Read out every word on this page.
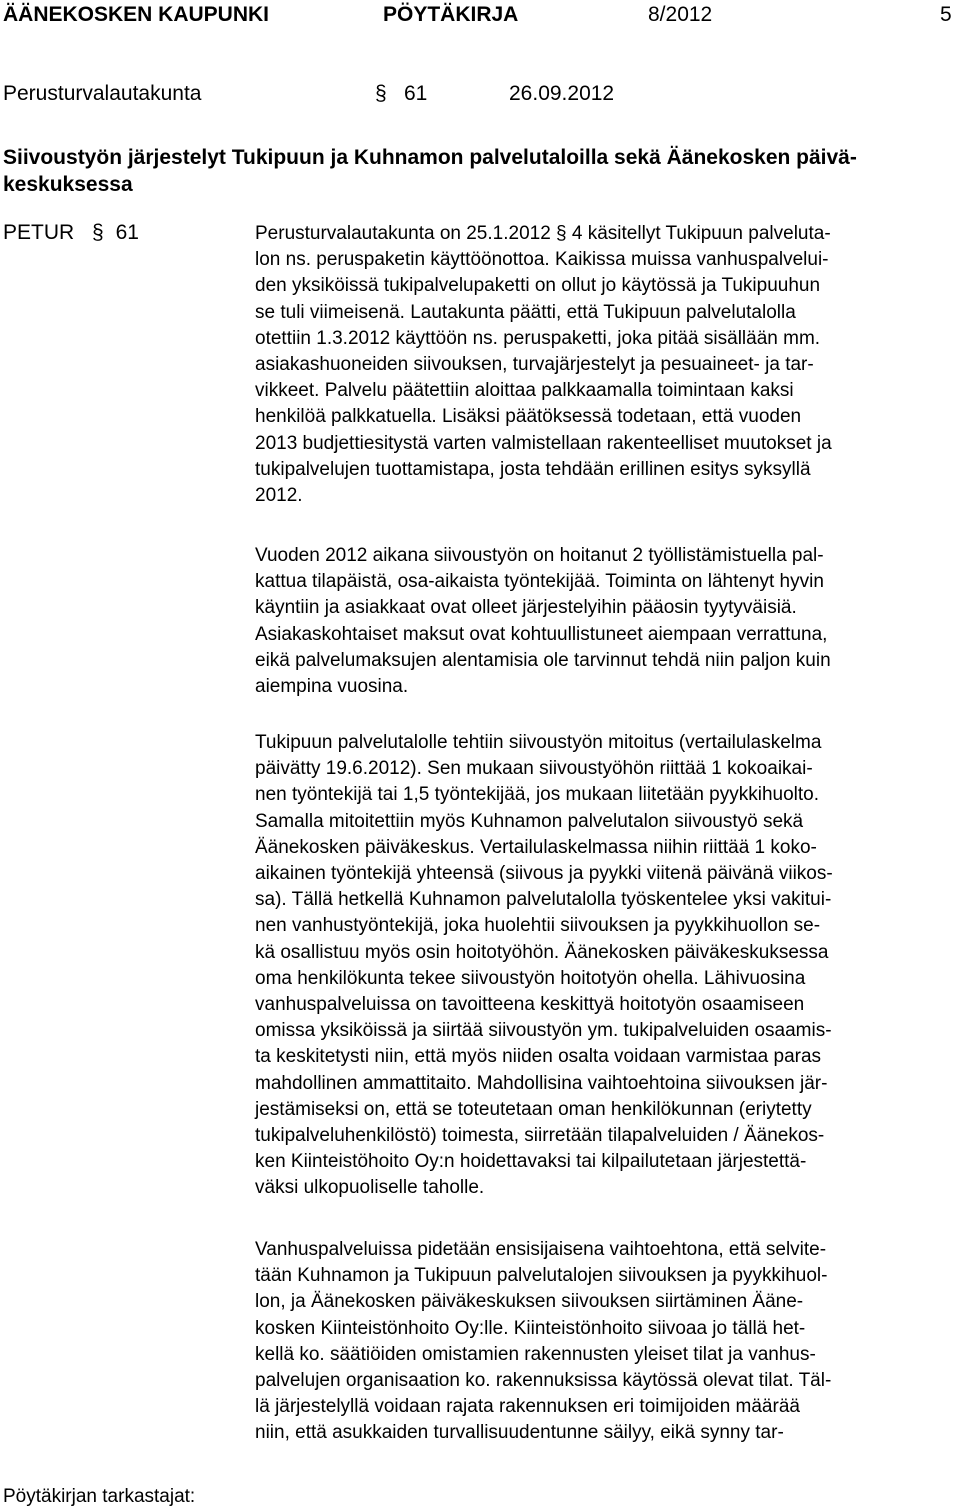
ÄÄNEKOSKEN KAUPUNKI	PÖYTÄKIRJA	8/2012	5
Perusturvalautakunta	§ 61	26.09.2012
Siivoustyön järjestelyt Tukipuun ja Kuhnamon palvelutaloilla sekä Äänekosken päivä-
keskuksessa
PETUR § 61	Perusturvalautakunta on 25.1.2012 § 4 käsitellyt Tukipuun palveluta-
lon ns. peruspaketin käyttöönottoa. Kaikissa muissa vanhuspalvelui-
den yksiköissä tukipalvelupaketti on ollut jo käytössä ja Tukipuuhun
se tuli viimeisenä. Lautakunta päätti, että Tukipuun palvelutalolla
otettiin 1.3.2012 käyttöön ns. peruspaketti, joka pitää sisällään mm.
asiakashuoneiden siivouksen, turvajärjestelyt ja pesuaineet- ja tar-
vikkeet. Palvelu päätettiin aloittaa palkkaamalla toimintaan kaksi
henkilöä palkkatuella. Lisäksi päätöksessä todetaan, että vuoden
2013 budjettiesitystä varten valmistellaan rakenteelliset muutokset ja
tukipalvelujen tuottamistapa, josta tehdään erillinen esitys syksyllä
2012.
Vuoden 2012 aikana siivoustyön on hoitanut 2 työllistämistuella pal-
kattua tilapäistä, osa-aikaista työntekijää. Toiminta on lähtenyt hyvin
käyntiin ja asiakkaat ovat olleet järjestelyihin pääosin tyytyväisiä.
Asiakaskohtaiset maksut ovat kohtuullistuneet aiempaan verrattuna,
eikä palvelumaksujen alentamisia ole tarvinnut tehdä niin paljon kuin
aiempina vuosina.
Tukipuun palvelutalolle tehtiin siivoustyön mitoitus (vertailulaskelma
päivätty 19.6.2012). Sen mukaan siivoustyöhön riittää 1 kokoaikai-
nen työntekijä tai 1,5 työntekijää, jos mukaan liitetään pyykkihuolto.
Samalla mitoitettiin myös Kuhnamon palvelutalon siivoustyö sekä
Äänekosken päiväkeskus. Vertailulaskelmassa niihin riittää 1 koko-
aikainen työntekijä yhteensä (siivous ja pyykki viitenä päivänä viikos-
sa). Tällä hetkellä Kuhnamon palvelutalolla työskentelee yksi vakitui-
nen vanhustyöntekijä, joka huolehtii siivouksen ja pyykkihuollon se-
kä osallistuu myös osin hoitotyöhön. Äänekosken päiväkeskuksessa
oma henkilökunta tekee siivoustyön hoitotyön ohella. Lähivuosina
vanhuspalveluissa on tavoitteena keskittyä hoitotyön osaamiseen
omissa yksiköissä ja siirtää siivoustyön ym. tukipalveluiden osaamis-
ta keskitetysti niin, että myös niiden osalta voidaan varmistaa paras
mahdollinen ammattitaito. Mahdollisina vaihtoehtoina siivouksen jär-
jestämiseksi on, että se toteutetaan oman henkilökunnan (eriytetty
tukipalveluhenkilöstö) toimesta, siirretään tilapalveluiden / Äänekos-
ken Kiinteistöhoito Oy:n hoidettavaksi tai kilpailutetaan järjestettä-
väksi ulkopuoliselle taholle.
Vanhuspalveluissa pidetään ensisijaisena vaihtoehtona, että selvite-
tään Kuhnamon ja Tukipuun palvelutalojen siivouksen ja pyykkihuol-
lon, ja Äänekosken päiväkeskuksen siivouksen siirtäminen Ääne-
kosken Kiinteistönhoito Oy:lle. Kiinteistönhoito siivoaa jo tällä het-
kellä ko. säätiöiden omistamien rakennusten yleiset tilat ja vanhus-
palvelujen organisaation ko. rakennuksissa käytössä olevat tilat. Täl-
lä järjestelyllä voidaan rajata rakennuksen eri toimijoiden määrää
niin, että asukkaiden turvallisuudentunne säilyy, eikä synny tar-
Pöytäkirjan tarkastajat:
